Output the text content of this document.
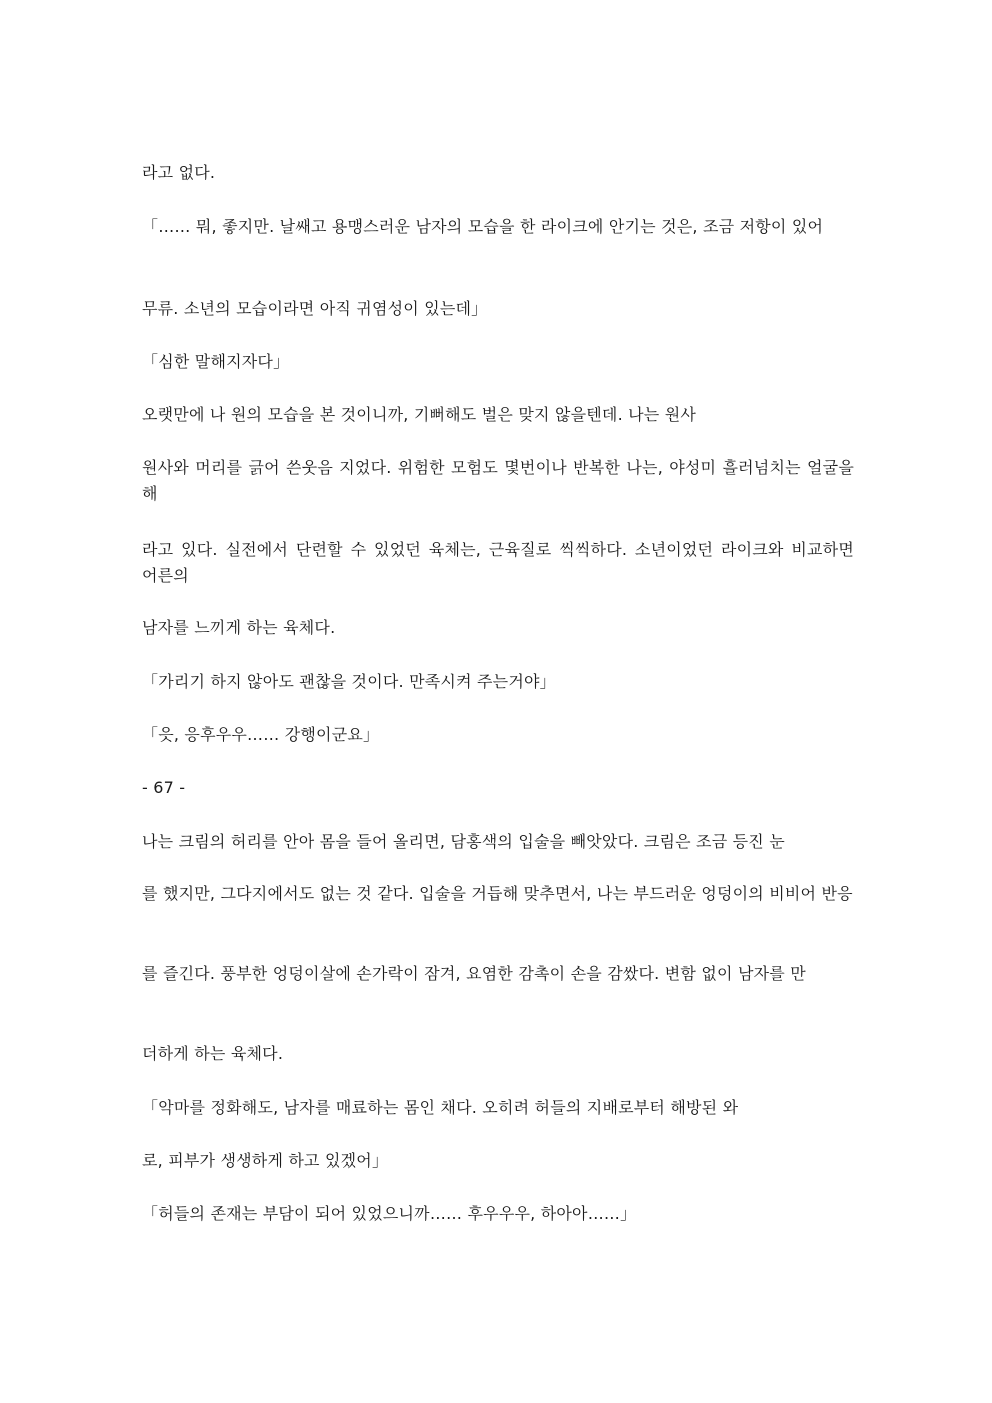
라고 없다.

「…… 뭐, 좋지만. 날쌔고 용맹스러운 남자의 모습을 한 라이크에 안기는 것은, 조금 저항이 있어

무류. 소년의 모습이라면 아직 귀염성이 있는데」

「심한 말해지자다」

오랫만에 나 원의 모습을 본 것이니까, 기뻐해도 벌은 맞지 않을텐데. 나는 원사

원사와 머리를 긁어 쓴웃음 지었다. 위험한 모험도 몇번이나 반복한 나는, 야성미 흘러넘치는 얼굴을 해

라고 있다. 실전에서 단련할 수 있었던 육체는, 근육질로 씩씩하다. 소년이었던 라이크와 비교하면 어른의

남자를 느끼게 하는 육체다.

「가리기 하지 않아도 괜찮을 것이다. 만족시켜 주는거야」

「읏, 응후우우…… 강행이군요」

- 67 -

나는 크림의 허리를 안아 몸을 들어 올리면, 담홍색의 입술을 빼앗았다. 크림은 조금 등진 눈

를 했지만, 그다지에서도 없는 것 같다. 입술을 거듭해 맞추면서, 나는 부드러운 엉덩이의 비비어 반응

를 즐긴다. 풍부한 엉덩이살에 손가락이 잠겨, 요염한 감촉이 손을 감쌌다. 변함 없이 남자를 만

더하게 하는 육체다.

「악마를 정화해도, 남자를 매료하는 몸인 채다. 오히려 허들의 지배로부터 해방된 와

로, 피부가 생생하게 하고 있겠어」

「허들의 존재는 부담이 되어 있었으니까…… 후우우우, 하아아……」
